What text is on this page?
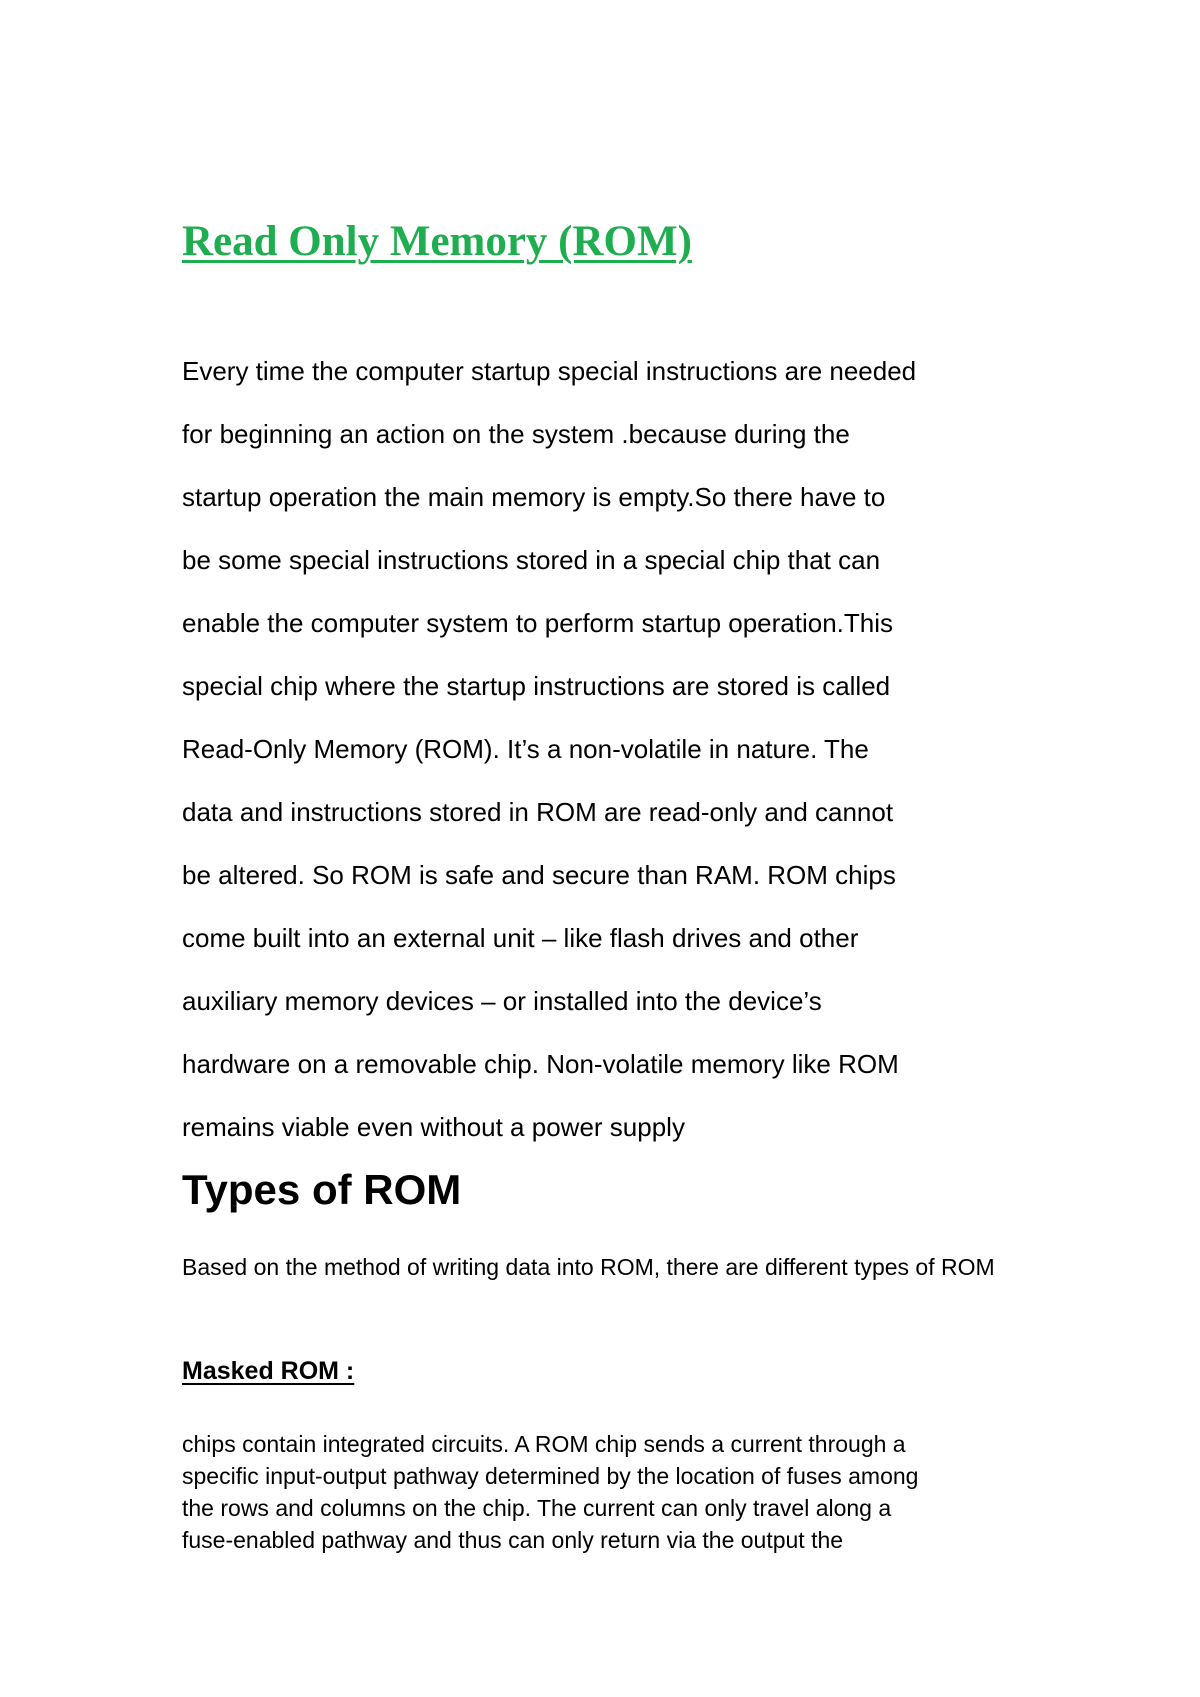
Read Only Memory (ROM)

Every time the computer startup special instructions are needed

for beginning an action on the system .because during the

startup operation the main memory is empty.So there have to

be some special instructions stored in a special chip that can

enable the computer system to perform startup operation.This

special chip where the startup instructions are stored is called

Read-Only Memory (ROM). It’s a non-volatile in nature. The

data and instructions stored in ROM are read-only and cannot

be altered. So ROM is safe and secure than RAM. ROM chips

come built into an external unit – like flash drives and other

auxiliary memory devices – or installed into the device’s

hardware on a removable chip. Non-volatile memory like ROM

remains viable even without a power supply

Types of ROM

Based on the method of writing data into ROM, there are different types of ROM

Masked ROM :

chips contain integrated circuits. A ROM chip sends a current through a

specific input-output pathway determined by the location of fuses among

the rows and columns on the chip. The current can only travel along a

fuse-enabled pathway and thus can only return via the output the
